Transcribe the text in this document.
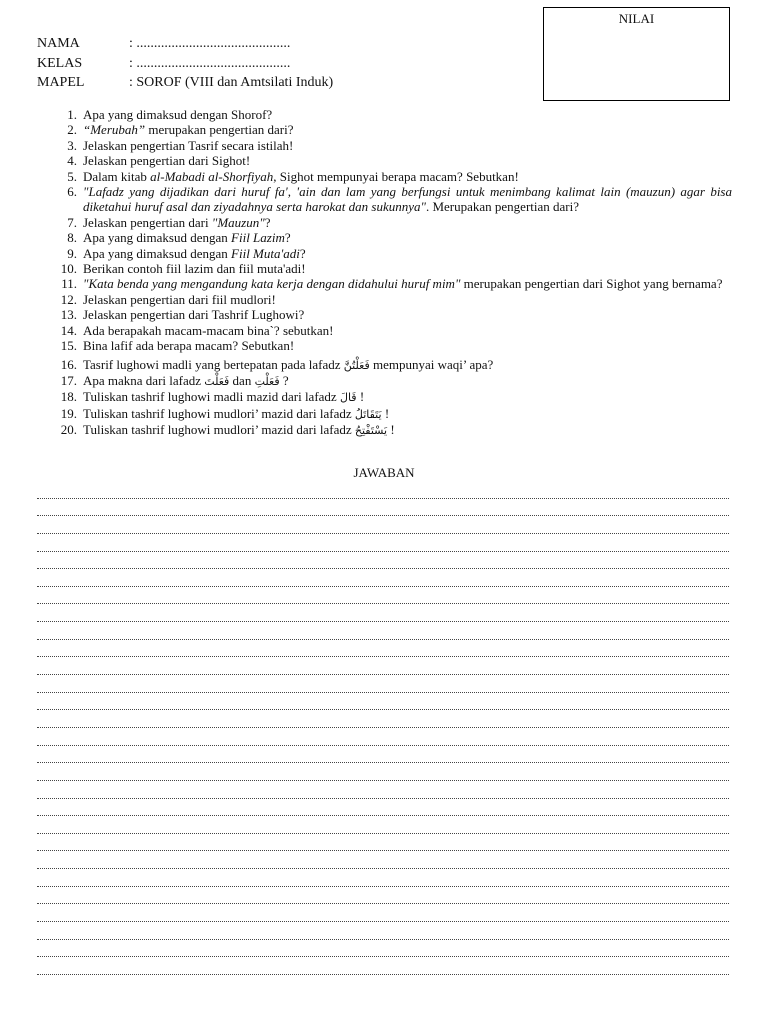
NILAI
NAMA	: ............................................
KELAS	: ............................................
MAPEL	: SOROF (VIII dan Amtsilati Induk)
1. Apa yang dimaksud dengan Shorof?
2. “Merubah” merupakan pengertian dari?
3. Jelaskan pengertian Tasrif secara istilah!
4. Jelaskan pengertian dari Sighot!
5. Dalam kitab al-Mabadi al-Shorfiyah, Sighot mempunyai berapa macam? Sebutkan!
6. "Lafadz yang dijadikan dari huruf fa', 'ain dan lam yang berfungsi untuk menimbang kalimat lain (mauzun) agar bisa diketahui huruf asal dan ziyadahnya serta harokat dan sukunnya". Merupakan pengertian dari?
7. Jelaskan pengertian dari "Mauzun"?
8. Apa yang dimaksud dengan Fiil Lazim?
9. Apa yang dimaksud dengan Fiil Muta'adi?
10. Berikan contoh fiil lazim dan fiil muta'adi!
11. "Kata benda yang mengandung kata kerja dengan didahului huruf mim" merupakan pengertian dari Sighot yang bernama?
12. Jelaskan pengertian dari fiil mudlori!
13. Jelaskan pengertian dari Tashrif Lughowi?
14. Ada berapakah macam-macam bina`? sebutkan!
15. Bina lafif ada berapa macam? Sebutkan!
16. Tasrif lughowi madli yang bertepatan pada lafadz فَعَلْتُنَّ mempunyai waqi’ apa?
17. Apa makna dari lafadz فَعَلْتَ dan فَعَلْتِ ?
18. Tuliskan tashrif lughowi madli mazid dari lafadz قَالَ !
19. Tuliskan tashrif lughowi mudlori’ mazid dari lafadz يَتَقَاتَلُ !
20. Tuliskan tashrif lughowi mudlori’ mazid dari lafadz يَسْتَفْتِحُ !
JAWABAN
